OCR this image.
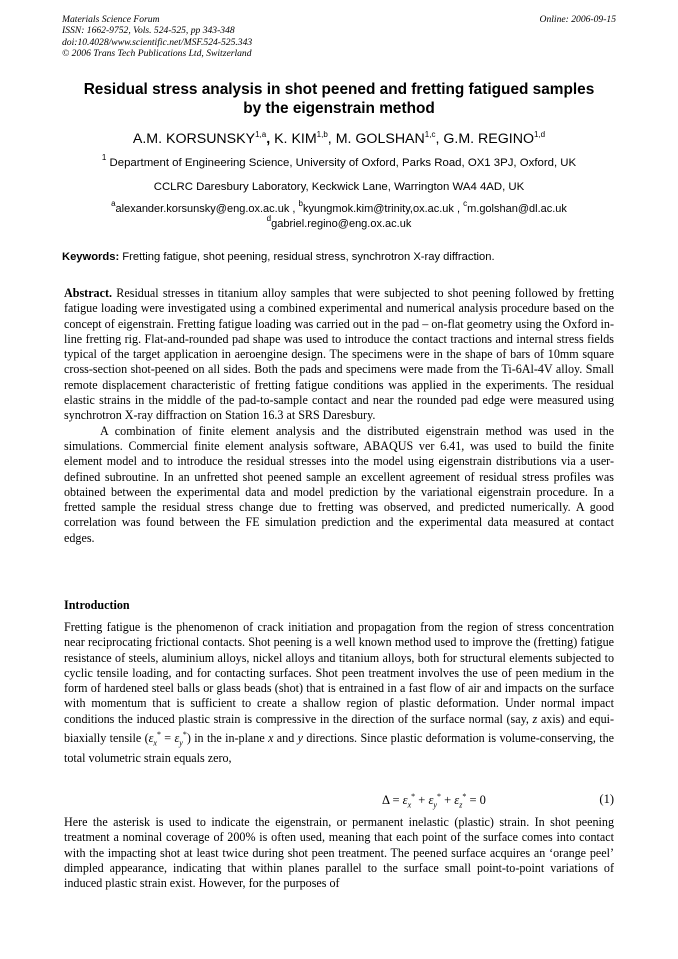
Materials Science Forum
ISSN: 1662-9752, Vols. 524-525, pp 343-348
doi:10.4028/www.scientific.net/MSF.524-525.343
© 2006 Trans Tech Publications Ltd, Switzerland
Online: 2006-09-15
Residual stress analysis in shot peened and fretting fatigued samples
by the eigenstrain method
A.M. KORSUNSKY$^{1,a}$, K. KIM$^{1,b}$, M. GOLSHAN$^{1,c}$, G.M. REGINO$^{1,d}$
$^1$ Department of Engineering Science, University of Oxford, Parks Road, OX1 3PJ, Oxford, UK
CCLRC Daresbury Laboratory, Keckwick Lane, Warrington WA4 4AD, UK
$^a$alexander.korsunsky@eng.ox.ac.uk , $^b$kyungmok.kim@trinity,ox.ac.uk , $^c$m.golshan@dl.ac.uk
$^d$gabriel.regino@eng.ox.ac.uk
Keywords: Fretting fatigue, shot peening, residual stress, synchrotron X-ray diffraction.

Abstract. Residual stresses in titanium alloy samples that were subjected to shot peening followed by fretting fatigue loading were investigated using a combined experimental and numerical analysis procedure based on the concept of eigenstrain. Fretting fatigue loading was carried out in the pad – on-flat geometry using the Oxford in-line fretting rig. Flat-and-rounded pad shape was used to introduce the contact tractions and internal stress fields typical of the target application in aeroengine design. The specimens were in the shape of bars of 10mm square cross-section shot-peened on all sides. Both the pads and specimens were made from the Ti-6Al-4V alloy. Small remote displacement characteristic of fretting fatigue conditions was applied in the experiments. The residual elastic strains in the middle of the pad-to-sample contact and near the rounded pad edge were measured using synchrotron X-ray diffraction on Station 16.3 at SRS Daresbury.

A combination of finite element analysis and the distributed eigenstrain method was used in the simulations. Commercial finite element analysis software, ABAQUS ver 6.41, was used to build the finite element model and to introduce the residual stresses into the model using eigenstrain distributions via a user-defined subroutine. In an unfretted shot peened sample an excellent agreement of residual stress profiles was obtained between the experimental data and model prediction by the variational eigenstrain procedure. In a fretted sample the residual stress change due to fretting was observed, and predicted numerically. A good correlation was found between the FE simulation prediction and the experimental data measured at contact edges.

Introduction

Fretting fatigue is the phenomenon of crack initiation and propagation from the region of stress concentration near reciprocating frictional contacts. Shot peening is a well known method used to improve the (fretting) fatigue resistance of steels, aluminium alloys, nickel alloys and titanium alloys, both for structural elements subjected to cyclic tensile loading, and for contacting surfaces. Shot peen treatment involves the use of peen medium in the form of hardened steel balls or glass beads (shot) that is entrained in a fast flow of air and impacts on the surface with momentum that is sufficient to create a shallow region of plastic deformation. Under normal impact conditions the induced plastic strain is compressive in the direction of the surface normal (say, z axis) and equi-biaxially tensile $(\varepsilon_x^* = \varepsilon_y^*)$ in the in-plane x and y directions. Since plastic deformation is volume-conserving, the total volumetric strain equals zero,

$\Delta = \varepsilon_x^* + \varepsilon_y^* + \varepsilon_z^* = 0$	(1)

Here the asterisk is used to indicate the eigenstrain, or permanent inelastic (plastic) strain. In shot peening treatment a nominal coverage of 200% is often used, meaning that each point of the surface comes into contact with the impacting shot at least twice during shot peen treatment. The peened surface acquires an ‘orange peel’ dimpled appearance, indicating that within planes parallel to the surface small point-to-point variations of induced plastic strain exist. However, for the purposes of
